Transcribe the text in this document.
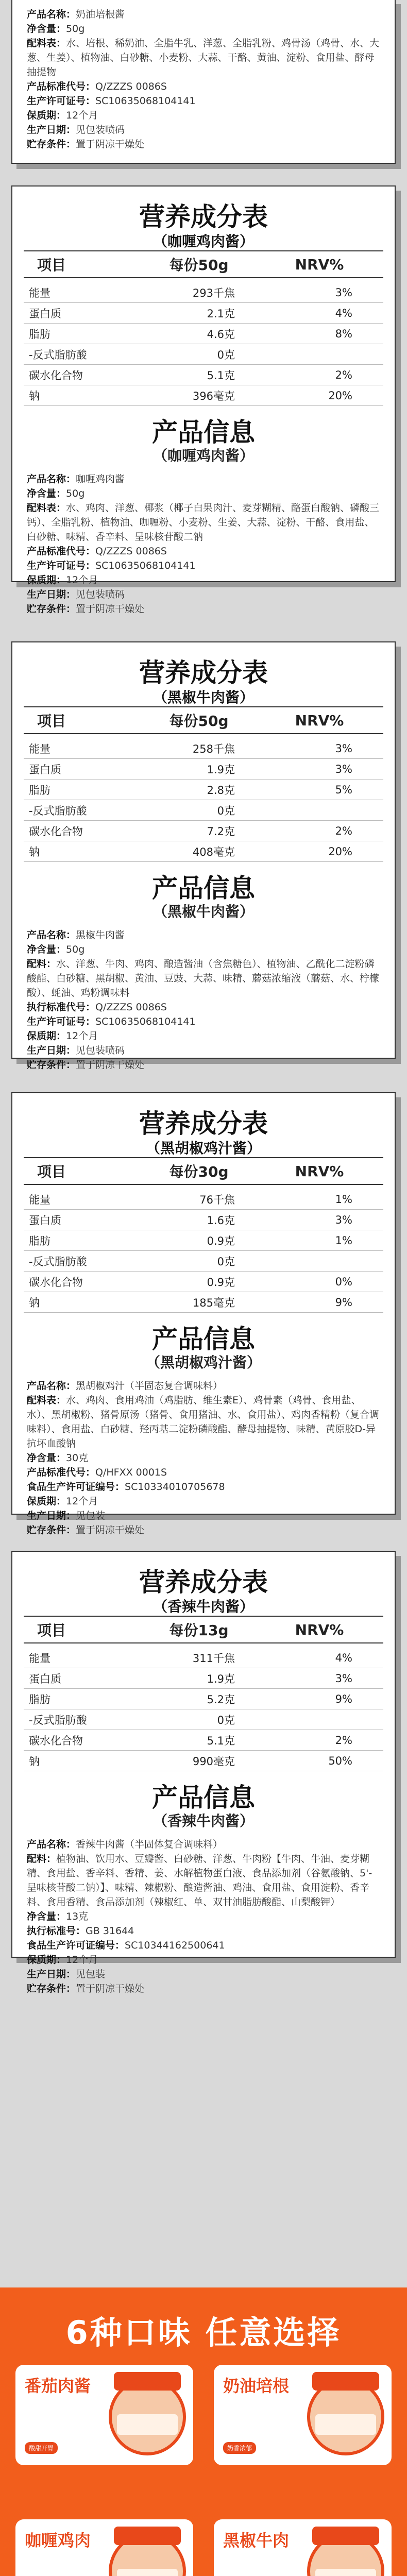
产品名称：奶油培根酱

净含量：50g

配料表：水、培根、稀奶油、全脂牛乳、洋葱、全脂乳粉、鸡骨汤（鸡骨、水、大葱、生姜）、植物油、白砂糖、小麦粉、大蒜、干酪、黄油、淀粉、食用盐、酵母抽提物

产品标准代号：Q/ZZZS 0086S

生产许可证号：SC10635068104141

保质期：12个月

生产日期：见包装喷码

贮存条件：置于阴凉干燥处

营养成分表
（咖喱鸡肉酱）
项目	每份50g	NRV%
能量	293千焦	3%
蛋白质	2.1克	4%
脂肪	4.6克	8%
-反式脂肪酸	0克
碳水化合物	5.1克	2%
钠	396毫克	20%
产品信息
（咖喱鸡肉酱）

产品名称：咖喱鸡肉酱

净含量：50g

配料表：水、鸡肉、洋葱、椰浆（椰子白果肉汁、麦芽糊精、酪蛋白酸钠、磷酸三钙）、全脂乳粉、植物油、咖喱粉、小麦粉、生姜、大蒜、淀粉、干酪、食用盐、白砂糖、味精、香辛料、呈味核苷酸二钠

产品标准代号：Q/ZZZS 0086S

生产许可证号：SC10635068104141

保质期：12个月

生产日期：见包装喷码

贮存条件：置于阴凉干燥处

营养成分表
（黑椒牛肉酱）
项目	每份50g	NRV%
能量	258千焦	3%
蛋白质	1.9克	3%
脂肪	2.8克	5%
-反式脂肪酸	0克
碳水化合物	7.2克	2%
钠	408毫克	20%
产品信息
（黑椒牛肉酱）

产品名称：黑椒牛肉酱

净含量：50g

配料：水、洋葱、牛肉、鸡肉、酿造酱油（含焦糖色）、植物油、乙酰化二淀粉磷酸酯、白砂糖、黑胡椒、黄油、豆豉、大蒜、味精、蘑菇浓缩液（蘑菇、水、柠檬酸）、蚝油、鸡粉调味料

执行标准代号：Q/ZZZS 0086S

生产许可证号：SC10635068104141

保质期：12个月

生产日期：见包装喷码

贮存条件：置于阴凉干燥处

营养成分表
（黑胡椒鸡汁酱）
项目	每份30g	NRV%
能量	76千焦	1%
蛋白质	1.6克	3%
脂肪	0.9克	1%
-反式脂肪酸	0克
碳水化合物	0.9克	0%
钠	185毫克	9%
产品信息
（黑胡椒鸡汁酱）

产品名称：黑胡椒鸡汁（半固态复合调味料）

配料表：水、鸡肉、食用鸡油（鸡脂肪、维生素E）、鸡骨素（鸡骨、食用盐、水）、黑胡椒粉、猪骨原汤（猪骨、食用猪油、水、食用盐）、鸡肉香精粉（复合调味料）、食用盐、白砂糖、羟丙基二淀粉磷酸酯、酵母抽提物、味精、黄原胶D-异抗坏血酸钠

净含量：30克

产品标准代号：Q/HFXX 0001S

食品生产许可证编号：SC10334010705678

保质期：12个月

生产日期：见包装

贮存条件：置于阴凉干燥处

营养成分表
（香辣牛肉酱）
项目	每份13g	NRV%
能量	311千焦	4%
蛋白质	1.9克	3%
脂肪	5.2克	9%
-反式脂肪酸	0克
碳水化合物	5.1克	2%
钠	990毫克	50%
产品信息
（香辣牛肉酱）

产品名称：香辣牛肉酱（半固体复合调味料）

配料：植物油、饮用水、豆瓣酱、白砂糖、洋葱、牛肉粉【牛肉、牛油、麦芽糊精、食用盐、香辛料、香精、姜、水解植物蛋白液、食品添加剂（谷氨酸钠、5'-呈味核苷酸二钠）】、味精、辣椒粉、酿造酱油、鸡油、食用盐、食用淀粉、香辛料、食用香精、食品添加剂（辣椒红、单、双甘油脂肪酸酯、山梨酸钾）

净含量：13克

执行标准号：GB 31644

食品生产许可证编号：SC10344162500641

保质期：12个月

生产日期：见包装

贮存条件：置于阴凉干燥处

6种口味 任意选择
番茄肉酱
酸甜开胃
奶油培根
奶香浓郁
咖喱鸡肉	黑椒牛肉
